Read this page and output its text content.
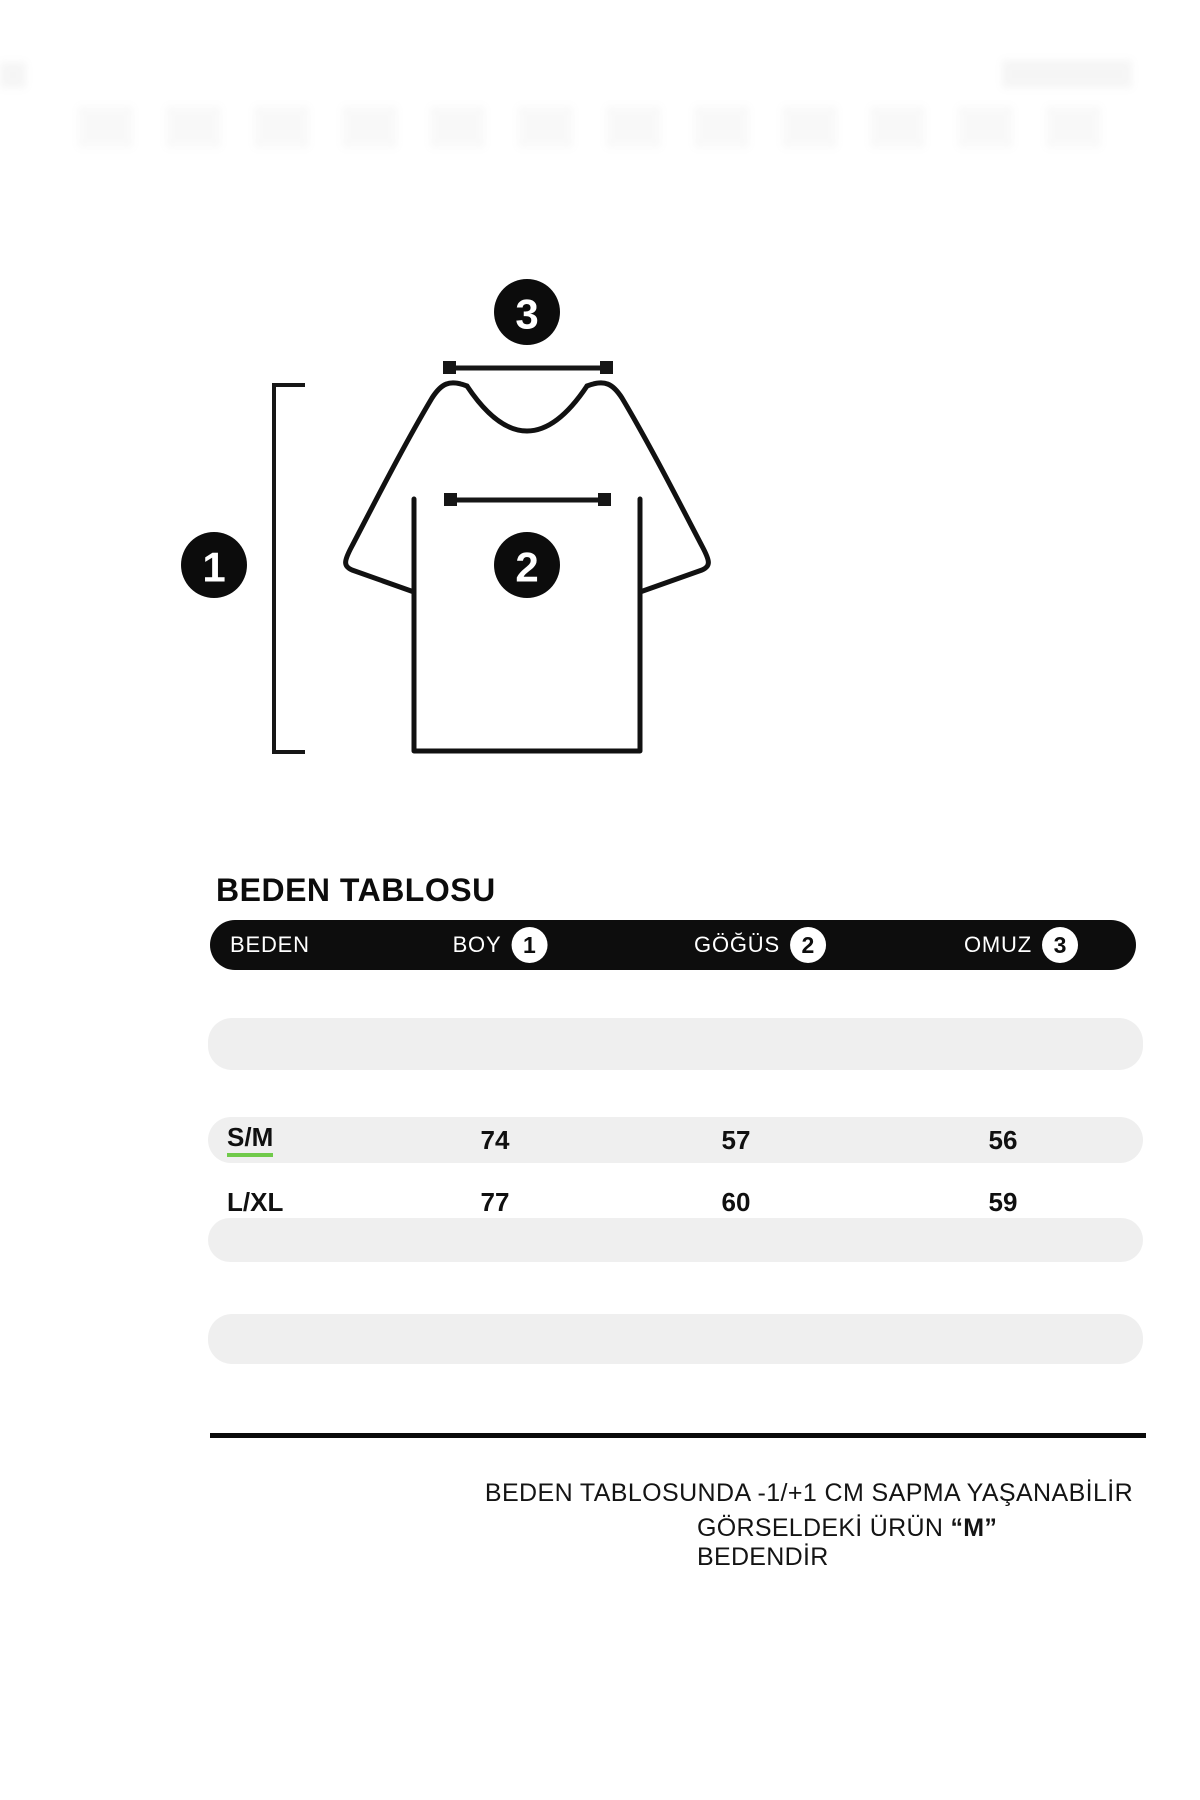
1	2
3
BEDEN TABLOSU
BEDEN	BOY 1	GÖĞÜS 2	OMUZ 3
S/M	74	57	56
L/XL	77	60	59
BEDEN TABLOSUNDA -1/+1 CM SAPMA YAŞANABİLİR
GÖRSELDEKİ ÜRÜN “M”
BEDENDİR
